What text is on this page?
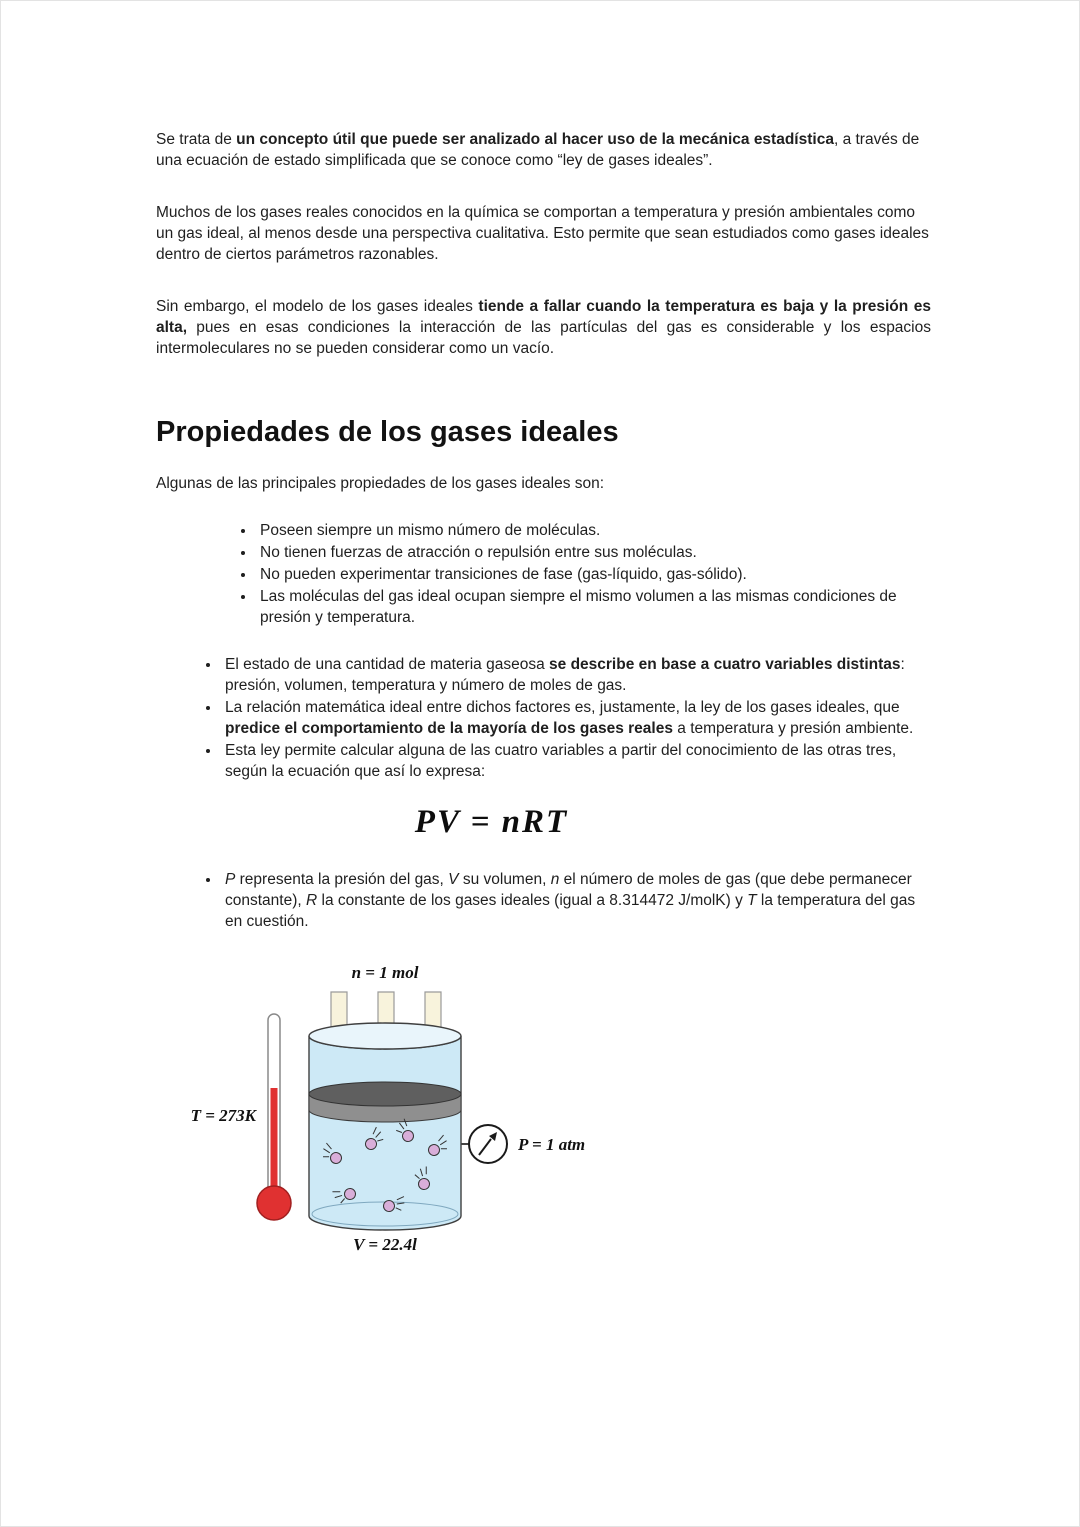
Se trata de un concepto útil que puede ser analizado al hacer uso de la mecánica estadística, a través de una ecuación de estado simplificada que se conoce como “ley de gases ideales”.

Muchos de los gases reales conocidos en la química se comportan a temperatura y presión ambientales como un gas ideal, al menos desde una perspectiva cualitativa. Esto permite que sean estudiados como gases ideales dentro de ciertos parámetros razonables.

Sin embargo, el modelo de los gases ideales tiende a fallar cuando la temperatura es baja y la presión es alta, pues en esas condiciones la interacción de las partículas del gas es considerable y los espacios intermoleculares no se pueden considerar como un vacío.

Propiedades de los gases ideales

Algunas de las principales propiedades de los gases ideales son:

• Poseen siempre un mismo número de moléculas.
• No tienen fuerzas de atracción o repulsión entre sus moléculas.
• No pueden experimentar transiciones de fase (gas-líquido, gas-sólido).
• Las moléculas del gas ideal ocupan siempre el mismo volumen a las mismas condiciones de presión y temperatura.
• El estado de una cantidad de materia gaseosa se describe en base a cuatro variables distintas: presión, volumen, temperatura y número de moles de gas.
• La relación matemática ideal entre dichos factores es, justamente, la ley de los gases ideales, que predice el comportamiento de la mayoría de los gases reales a temperatura y presión ambiente.
• Esta ley permite calcular alguna de las cuatro variables a partir del conocimiento de las otras tres, según la ecuación que así lo expresa:
PV = nRT
• P representa la presión del gas, V su volumen, n el número de moles de gas (que debe permanecer constante), R la constante de los gases ideales (igual a 8.314472 J/molK) y T la temperatura del gas en cuestión.
n = 1 mol
T = 273K
P = 1 atm
V = 22.4l
